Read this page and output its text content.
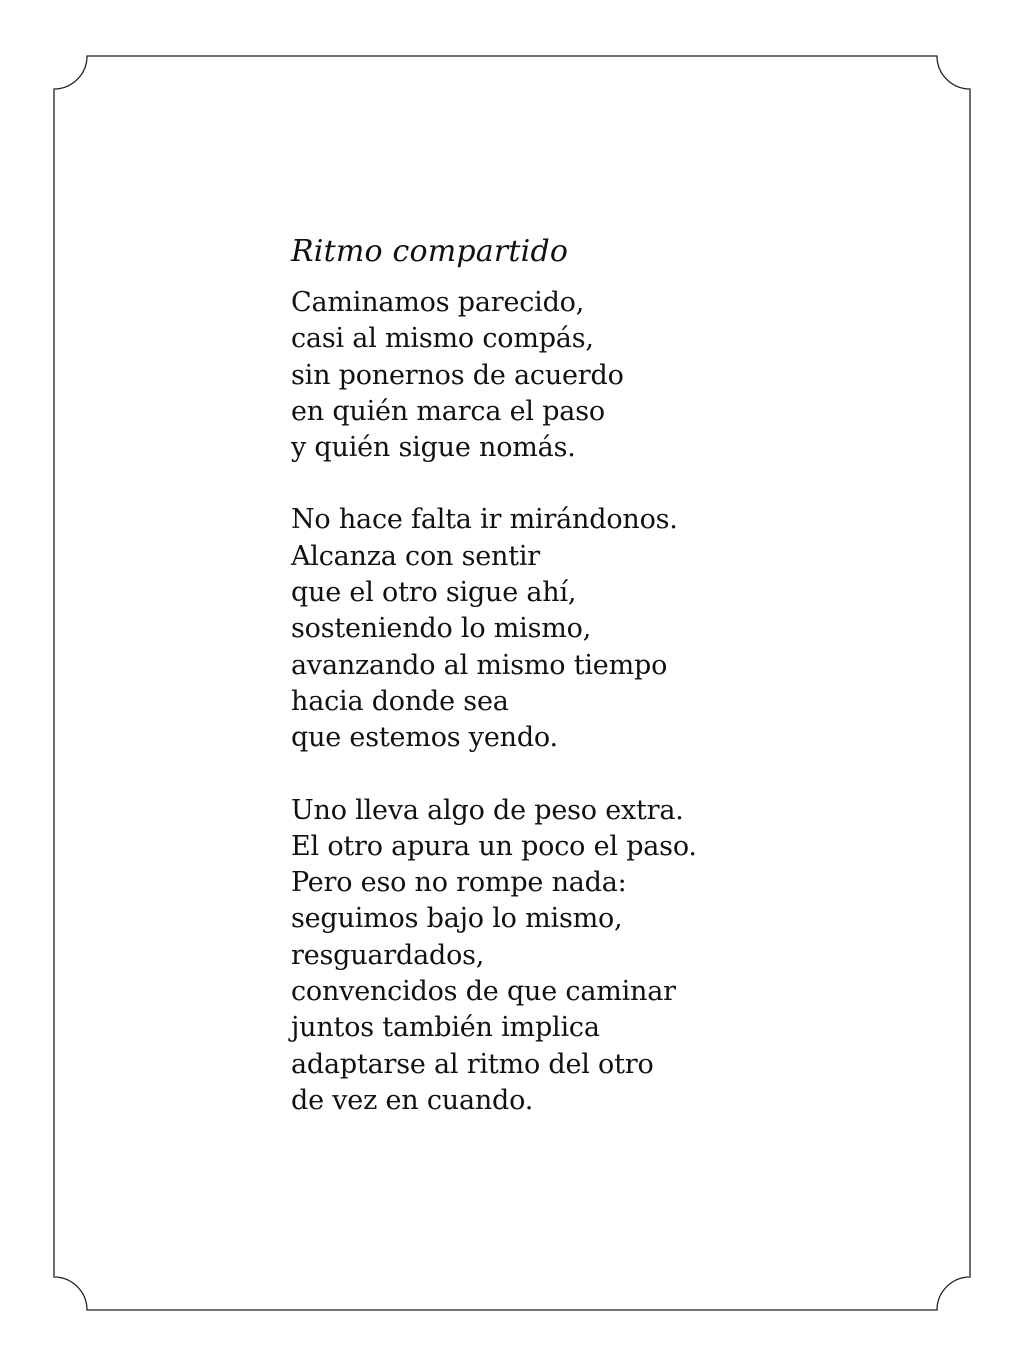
Ritmo compartido
Caminamos parecido,
casi al mismo compás,
sin ponernos de acuerdo
en quién marca el paso
y quién sigue nomás.
No hace falta ir mirándonos.
Alcanza con sentir
que el otro sigue ahí,
sosteniendo lo mismo,
avanzando al mismo tiempo
hacia donde sea
que estemos yendo.
Uno lleva algo de peso extra.
El otro apura un poco el paso.
Pero eso no rompe nada:
seguimos bajo lo mismo,
resguardados,
convencidos de que caminar
juntos también implica
adaptarse al ritmo del otro
de vez en cuando.
